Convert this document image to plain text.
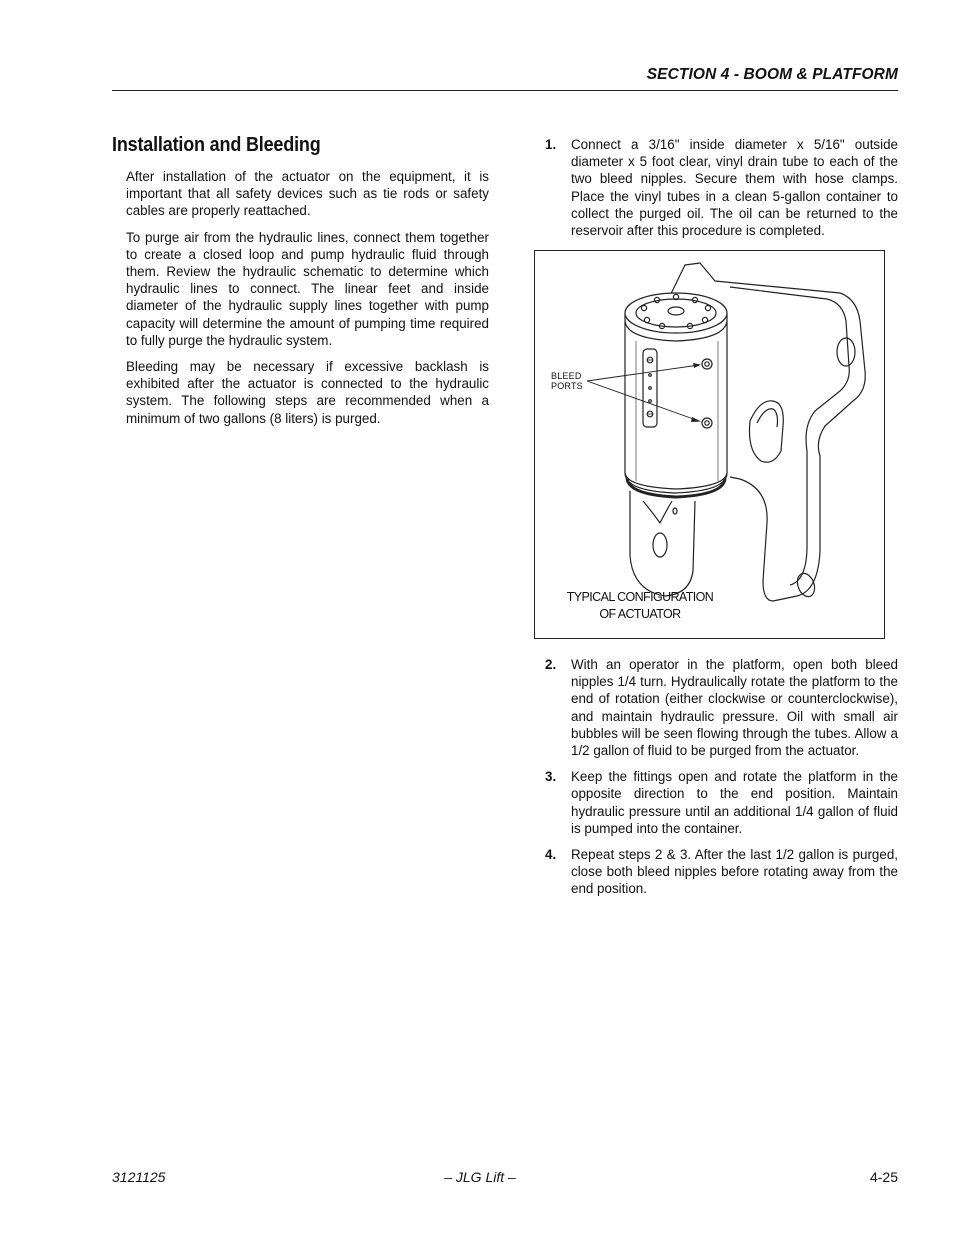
SECTION 4 - BOOM & PLATFORM
Installation and Bleeding

After installation of the actuator on the equipment, it is important that all safety devices such as tie rods or safety cables are properly reattached.

To purge air from the hydraulic lines, connect them together to create a closed loop and pump hydraulic fluid through them. Review the hydraulic schematic to determine which hydraulic lines to connect. The linear feet and inside diameter of the hydraulic supply lines together with pump capacity will determine the amount of pumping time required to fully purge the hydraulic system.

Bleeding may be necessary if excessive backlash is exhibited after the actuator is connected to the hydraulic system. The following steps are recommended when a minimum of two gallons (8 liters) is purged.

1.	Connect a 3/16" inside diameter x 5/16" outside diameter x 5 foot clear, vinyl drain tube to each of the two bleed nipples. Secure them with hose clamps. Place the vinyl tubes in a clean 5-gallon container to collect the purged oil. The oil can be returned to the reservoir after this procedure is completed.

BLEED
PORTS
TYPICAL CONFIGURATION
OF ACTUATOR
2.	With an operator in the platform, open both bleed nipples 1/4 turn. Hydraulically rotate the platform to the end of rotation (either clockwise or counterclockwise), and maintain hydraulic pressure. Oil with small air bubbles will be seen flowing through the tubes. Allow a 1/2 gallon of fluid to be purged from the actuator.

3.	Keep the fittings open and rotate the platform in the opposite direction to the end position. Maintain hydraulic pressure until an additional 1/4 gallon of fluid is pumped into the container.

4.	Repeat steps 2 & 3. After the last 1/2 gallon is purged, close both bleed nipples before rotating away from the end position.

3121125	– JLG Lift –	4-25
